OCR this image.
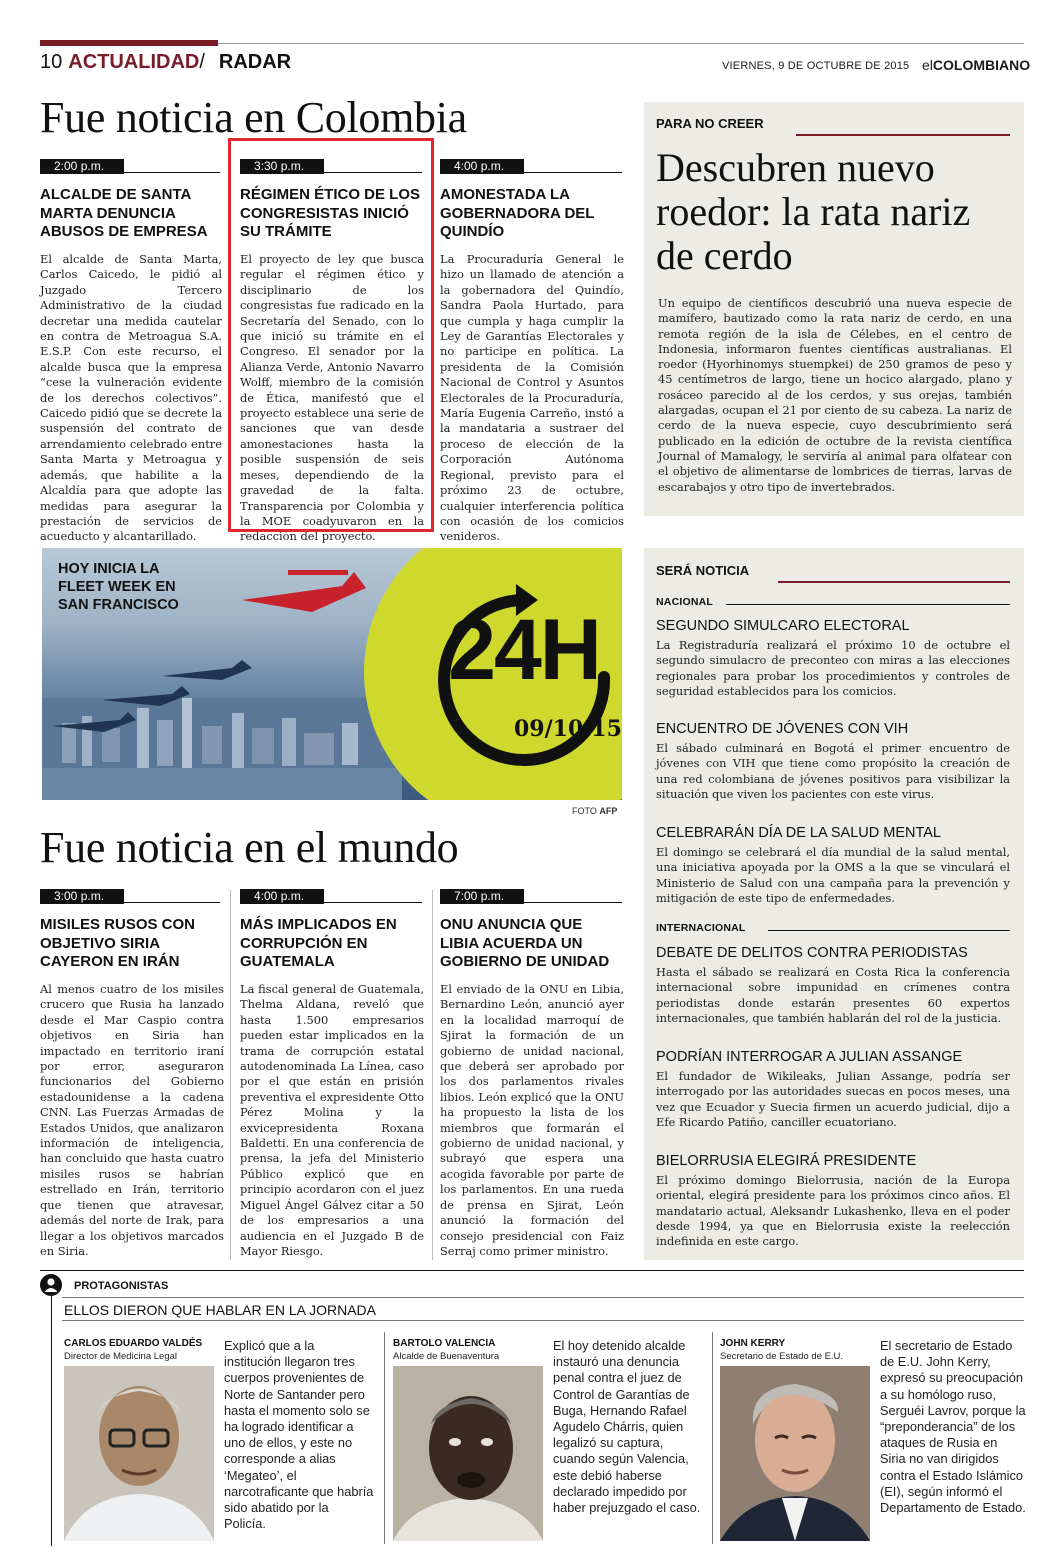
10 ACTUALIDAD/ RADAR	VIERNES, 9 DE OCTUBRE DE 2015 elCOLOMBIANO
Fue noticia en Colombia
2:00 p.m.
ALCALDE DE SANTA MARTA DENUNCIA ABUSOS DE EMPRESA
El alcalde de Santa Marta, Carlos Caicedo, le pidió al Juzgado Tercero Administrativo de la ciudad decretar una medida cautelar en contra de Metroagua S.A. E.S.P. Con este recurso, el alcalde busca que la empresa “cese la vulneración evidente de los derechos colectivos”. Caicedo pidió que se decrete la suspensión del contrato de arrendamiento celebrado entre Santa Marta y Metroagua y además, que habilite a la Alcaldía para que adopte las medidas para asegurar la prestación de servicios de acueducto y alcantarillado.
3:30 p.m.
RÉGIMEN ÉTICO DE LOS CONGRESISTAS INICIÓ SU TRÁMITE
El proyecto de ley que busca regular el régimen ético y disciplinario de los congresistas fue radicado en la Secretaría del Senado, con lo que inició su trámite en el Congreso. El senador por la Alianza Verde, Antonio Navarro Wolff, miembro de la comisión de Ética, manifestó que el proyecto establece una serie de sanciones que van desde amonestaciones hasta la posible suspensión de seis meses, dependiendo de la gravedad de la falta. Transparencia por Colombia y la MOE coadyuvaron en la redacción del proyecto.
4:00 p.m.
AMONESTADA LA GOBERNADORA DEL QUINDÍO
La Procuraduría General le hizo un llamado de atención a la gobernadora del Quindío, Sandra Paola Hurtado, para que cumpla y haga cumplir la Ley de Garantías Electorales y no participe en política. La presidenta de la Comisión Nacional de Control y Asuntos Electorales de la Procuraduría, María Eugenia Carreño, instó a la mandataria a sustraer del proceso de elección de la Corporación Autónoma Regional, previsto para el próximo 23 de octubre, cualquier interferencia política con ocasión de los comicios venideros.
PARA NO CREER
Descubren nuevo roedor: la rata nariz de cerdo
Un equipo de científicos descubrió una nueva especie de mamífero, bautizado como la rata nariz de cerdo, en una remota región de la isla de Célebes, en el centro de Indonesia, informaron fuentes científicas australianas. El roedor (Hyorhinomys stuempkei) de 250 gramos de peso y 45 centímetros de largo, tiene un hocico alargado, plano y rosáceo parecido al de los cerdos, y sus orejas, también alargadas, ocupan el 21 por ciento de su cabeza. La nariz de cerdo de la nueva especie, cuyo descubrimiento será publicado en la edición de octubre de la revista científica Journal of Mamalogy, le serviría al animal para olfatear con el objetivo de alimentarse de lombrices de tierras, larvas de escarabajos y otro tipo de invertebrados.
HOY INICIA LA FLEET WEEK EN SAN FRANCISCO	24H
09/10/15
FOTO AFP
Fue noticia en el mundo
3:00 p.m.
MISILES RUSOS CON OBJETIVO SIRIA CAYERON EN IRÁN
Al menos cuatro de los misiles crucero que Rusia ha lanzado desde el Mar Caspio contra objetivos en Siria han impactado en territorio iraní por error, aseguraron funcionarios del Gobierno estadounidense a la cadena CNN. Las Fuerzas Armadas de Estados Unidos, que analizaron información de inteligencia, han concluido que hasta cuatro misiles rusos se habrían estrellado en Irán, territorio que tienen que atravesar, además del norte de Irak, para llegar a los objetivos marcados en Siria.
4:00 p.m.
MÁS IMPLICADOS EN CORRUPCIÓN EN GUATEMALA
La fiscal general de Guatemala, Thelma Aldana, reveló que hasta 1.500 empresarios pueden estar implicados en la trama de corrupción estatal autodenominada La Línea, caso por el que están en prisión preventiva el expresidente Otto Pérez Molina y la exvicepresidenta Roxana Baldetti. En una conferencia de prensa, la jefa del Ministerio Público explicó que en principio acordaron con el juez Miguel Ángel Gálvez citar a 50 de los empresarios a una audiencia en el Juzgado B de Mayor Riesgo.
7:00 p.m.
ONU ANUNCIA QUE LIBIA ACUERDA UN GOBIERNO DE UNIDAD
El enviado de la ONU en Libia, Bernardino León, anunció ayer en la localidad marroquí de Sjirat la formación de un gobierno de unidad nacional, que deberá ser aprobado por los dos parlamentos rivales libios. León explicó que la ONU ha propuesto la lista de los miembros que formarán el gobierno de unidad nacional, y subrayó que espera una acogida favorable por parte de los parlamentos. En una rueda de prensa en Sjirat, León anunció la formación del consejo presidencial con Faiz Serraj como primer ministro.
SERÁ NOTICIA
NACIONAL
SEGUNDO SIMULCARO ELECTORAL
La Registraduría realizará el próximo 10 de octubre el segundo simulacro de preconteo con miras a las elecciones regionales para probar los procedimientos y controles de seguridad establecidos para los comicios.
ENCUENTRO DE JÓVENES CON VIH
El sábado culminará en Bogotá el primer encuentro de jóvenes con VIH que tiene como propósito la creación de una red colombiana de jóvenes positivos para visibilizar la situación que viven los pacientes con este virus.
CELEBRARÁN DÍA DE LA SALUD MENTAL
El domingo se celebrará el día mundial de la salud mental, una iniciativa apoyada por la OMS a la que se vinculará el Ministerio de Salud con una campaña para la prevención y mitigación de este tipo de enfermedades.
INTERNACIONAL
DEBATE DE DELITOS CONTRA PERIODISTAS
Hasta el sábado se realizará en Costa Rica la conferencia internacional sobre impunidad en crímenes contra periodistas donde estarán presentes 60 expertos internacionales, que también hablarán del rol de la justicia.
PODRÍAN INTERROGAR A JULIAN ASSANGE
El fundador de Wikileaks, Julian Assange, podría ser interrogado por las autoridades suecas en pocos meses, una vez que Ecuador y Suecia firmen un acuerdo judicial, dijo a Efe Ricardo Patiño, canciller ecuatoriano.
BIELORRUSIA ELEGIRÁ PRESIDENTE
El próximo domingo Bielorrusia, nación de la Europa oriental, elegirá presidente para los próximos cinco años. El mandatario actual, Aleksandr Lukashenko, lleva en el poder desde 1994, ya que en Bielorrusia existe la reelección indefinida en este cargo.
PROTAGONISTAS
ELLOS DIERON QUE HABLAR EN LA JORNADA
CARLOS EDUARDO VALDÉS
Director de Medicina Legal
Explicó que a la institución llegaron tres cuerpos provenientes de Norte de Santander pero hasta el momento solo se ha logrado identificar a uno de ellos, y este no corresponde a alias ‘Megateo’, el narcotraficante que habría sido abatido por la Policía.
BARTOLO VALENCIA
Alcalde de Buenaventura
El hoy detenido alcalde instauró una denuncia penal contra el juez de Control de Garantías de Buga, Hernando Rafael Agudelo Chárris, quien legalizó su captura, cuando según Valencia, este debió haberse declarado impedido por haber prejuzgado el caso.
JOHN KERRY
Secretario de Estado de E.U.
El secretario de Estado de E.U. John Kerry, expresó su preocupación a su homólogo ruso, Serguéi Lavrov, porque la “preponderancia” de los ataques de Rusia en Siria no van dirigidos contra el Estado Islámico (EI), según informó el Departamento de Estado.
